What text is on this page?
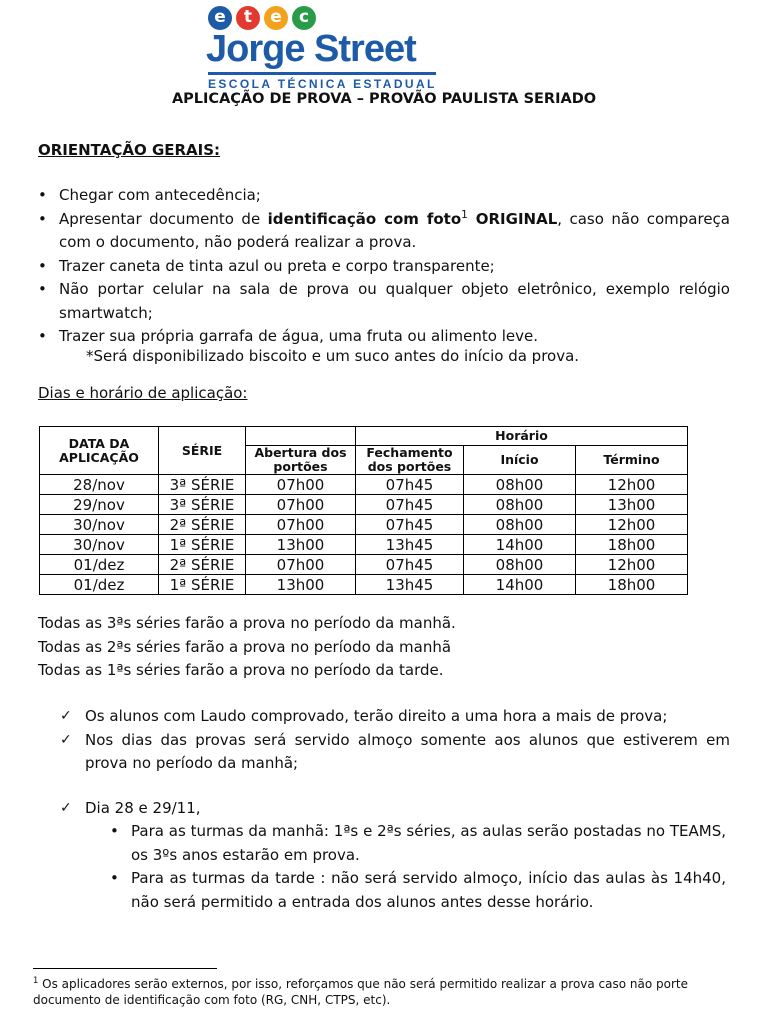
e	t	e	c
Jorge Street
ESCOLA TÉCNICA ESTADUAL
APLICAÇÃO DE PROVA – PROVÃO PAULISTA SERIADO
ORIENTAÇÃO GERAIS:
• Chegar com antecedência;
• Apresentar documento de identificação com foto$^1$ ORIGINAL, caso não compareça com o documento, não poderá realizar a prova.
• Trazer caneta de tinta azul ou preta e corpo transparente;
• Não portar celular na sala de prova ou qualquer objeto eletrônico, exemplo relógio smartwatch;
• Trazer sua própria garrafa de água, uma fruta ou alimento leve.
*Será disponibilizado biscoito e um suco antes do início da prova.
Dias e horário de aplicação:
DATA DA APLICAÇÃO	SÉRIE		Horário		
		Abertura dos portões	Fechamento dos portões	Início	Término
28/nov	3ª SÉRIE	07h00	07h45	08h00	12h00
29/nov	3ª SÉRIE	07h00	07h45	08h00	13h00
30/nov	2ª SÉRIE	07h00	07h45	08h00	12h00
30/nov	1ª SÉRIE	13h00	13h45	14h00	18h00
01/dez	2ª SÉRIE	07h00	07h45	08h00	12h00
01/dez	1ª SÉRIE	13h00	13h45	14h00	18h00
Todas as 3ªs séries farão a prova no período da manhã.
Todas as 2ªs séries farão a prova no período da manhã
Todas as 1ªs séries farão a prova no período da tarde.
✓ Os alunos com Laudo comprovado, terão direito a uma hora a mais de prova;
✓ Nos dias das provas será servido almoço somente aos alunos que estiverem em prova no período da manhã;
✓ Dia 28 e 29/11,
• Para as turmas da manhã: 1ªs e 2ªs séries, as aulas serão postadas no TEAMS, os 3ºs anos estarão em prova.
• Para as turmas da tarde : não será servido almoço, início das aulas às 14h40, não será permitido a entrada dos alunos antes desse horário.
$^1$ Os aplicadores serão externos, por isso, reforçamos que não será permitido realizar a prova caso não porte documento de identificação com foto (RG, CNH, CTPS, etc).
